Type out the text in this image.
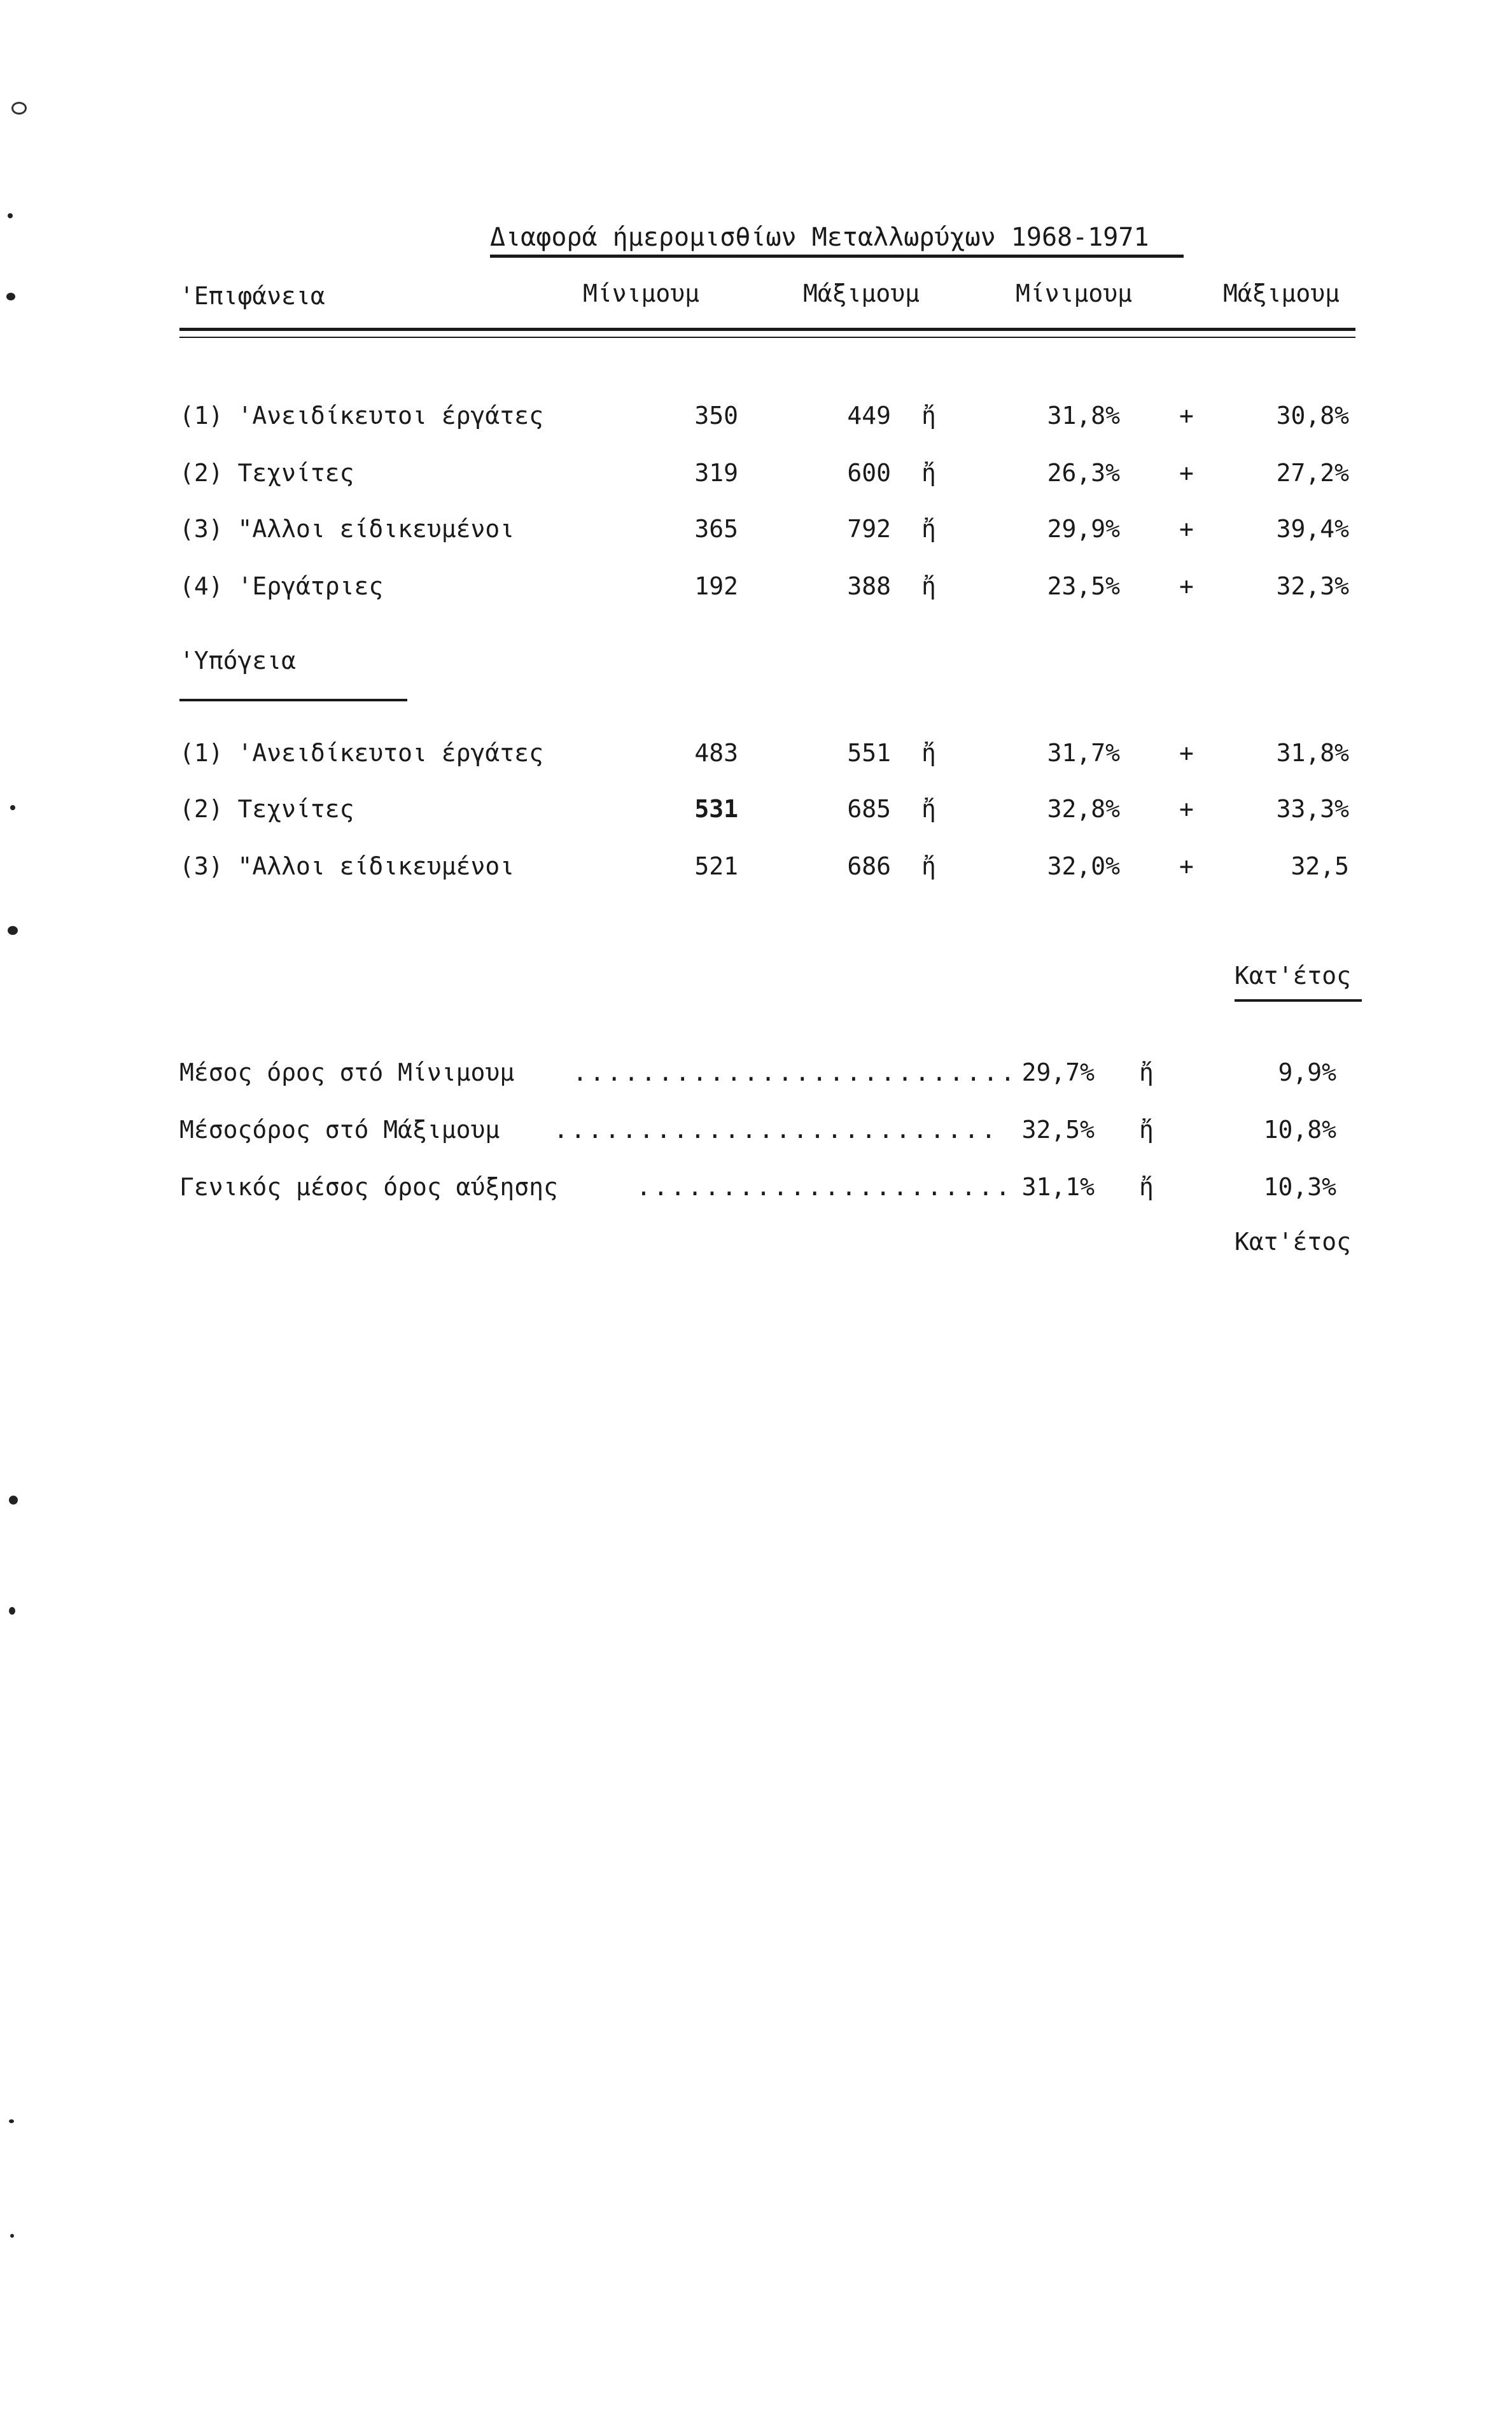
Διαφορά ήμερομισθίων Μεταλλωρύχων 1968-1971
'Επιφάνεια	Μίνιμουμ	Μάξιμουμ	Μίνιμουμ	Μάξιμουμ
(1) 'Ανειδίκευτοι έργάτες	350	449 ἤ	31,8% +	30,8%
(2) Τεχνίτες	319	600 ἤ	26,3% +	27,2%
(3) "Αλλοι είδικευμένοι	365	792 ἤ	29,9% +	39,4%
(4) 'Εργάτριες	192	388 ἤ	23,5% +	32,3%
'Υπόγεια
(1) 'Ανειδίκευτοι έργάτες	483	551 ἤ	31,7% +	31,8%
(2) Τεχνίτες	531	685 ἤ	32,8% +	33,3%
(3) "Αλλοι είδικευμένοι	521	686 ἤ	32,0% +	32,5
Κατ'έτος
Μέσος όρος στό Μίνιμουμ .......................... 29,7% ἤ	9,9%
Μέσοςόρος στό Μάξιμουμ .......................... 32,5% ἤ	10,8%
Γενικός μέσος όρος αύξησης	...................... 31,1% ἤ	10,3%
Κατ'έτος
